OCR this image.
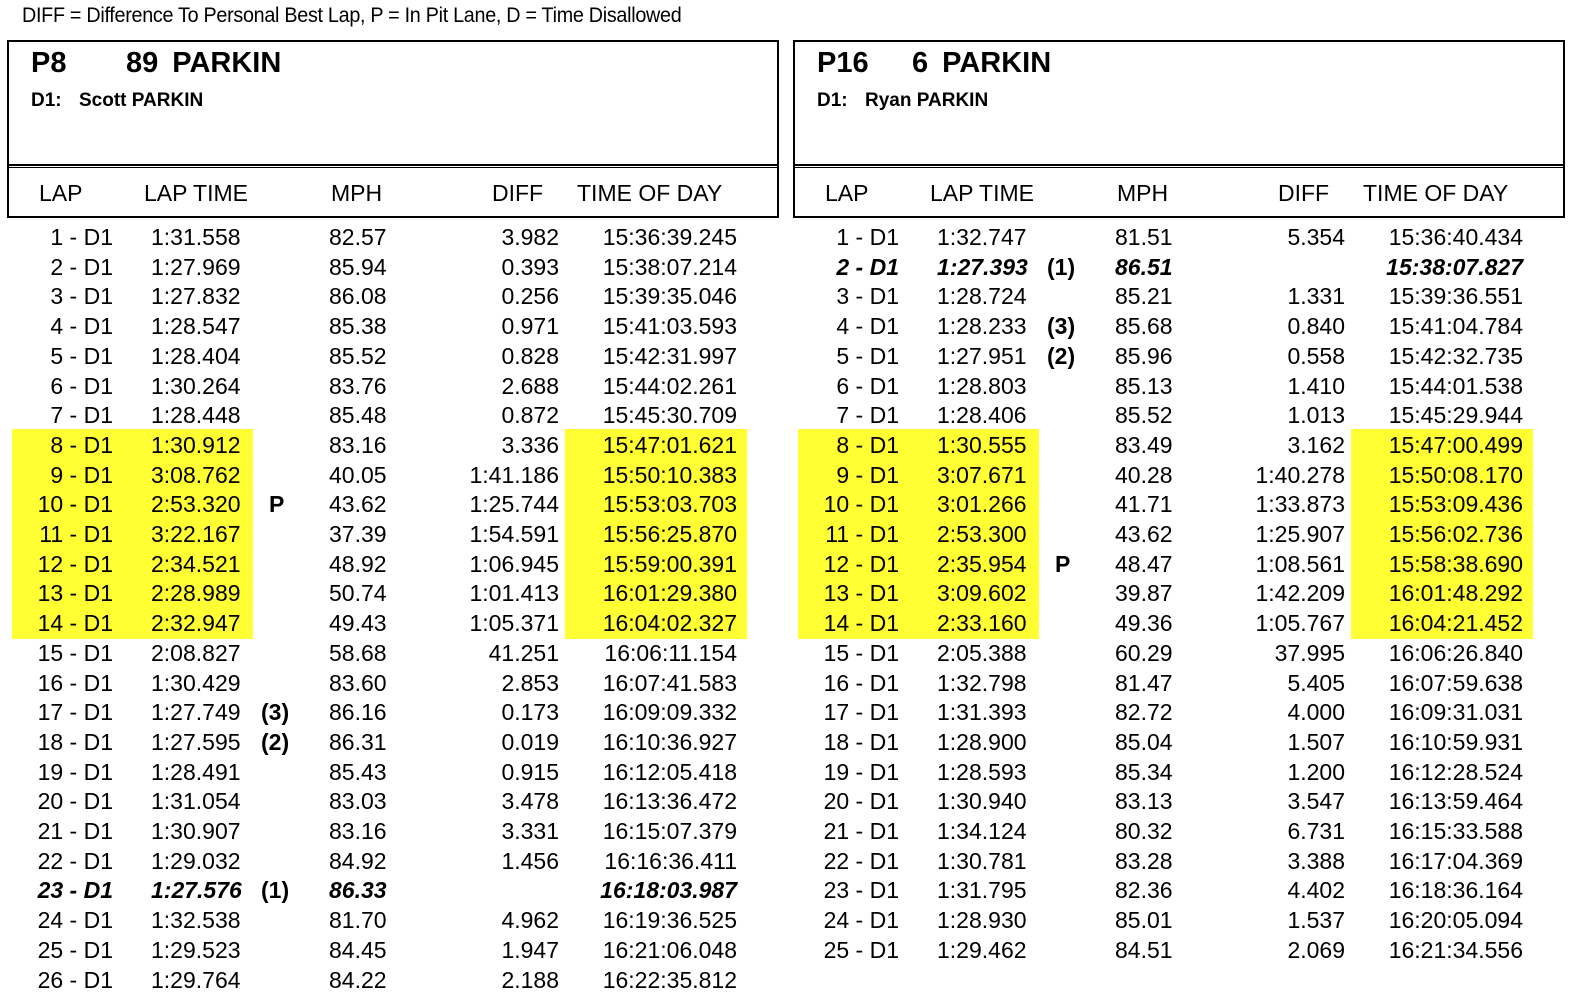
DIFF = Difference To Personal Best Lap, P = In Pit Lane, D = Time Disallowed
P8 89 PARKIN
D1: Scott PARKIN
LAP	LAP TIME	MPH	DIFF TIME OF DAY
1 - D1 1:31.558	82.57	3.982 15:36:39.245
2 - D1 1:27.969	85.94	0.393 15:38:07.214
3 - D1 1:27.832	86.08	0.256 15:39:35.046
4 - D1 1:28.547	85.38	0.971 15:41:03.593
5 - D1 1:28.404	85.52	0.828 15:42:31.997
6 - D1 1:30.264	83.76	2.688 15:44:02.261
7 - D1 1:28.448	85.48	0.872 15:45:30.709
8 - D1 1:30.912	83.16	3.336 15:47:01.621
9 - D1 3:08.762	40.05	1:41.186 15:50:10.383
10 - D1 2:53.320 P 43.62	1:25.744 15:53:03.703
11 - D1 3:22.167	37.39	1:54.591 15:56:25.870
12 - D1 2:34.521	48.92	1:06.945 15:59:00.391
13 - D1 2:28.989	50.74	1:01.413 16:01:29.380
14 - D1 2:32.947	49.43	1:05.371 16:04:02.327
15 - D1 2:08.827	58.68	41.251 16:06:11.154
16 - D1 1:30.429	83.60	2.853 16:07:41.583
17 - D1 1:27.749 (3) 86.16	0.173 16:09:09.332
18 - D1 1:27.595 (2) 86.31	0.019 16:10:36.927
19 - D1 1:28.491	85.43	0.915 16:12:05.418
20 - D1 1:31.054	83.03	3.478 16:13:36.472
21 - D1 1:30.907	83.16	3.331 16:15:07.379
22 - D1 1:29.032	84.92	1.456 16:16:36.411
23 - D1 1:27.576 (1) 86.33	16:18:03.987
24 - D1 1:32.538	81.70	4.962 16:19:36.525
25 - D1 1:29.523	84.45	1.947 16:21:06.048
26 - D1 1:29.764	84.22	2.188 16:22:35.812
P16 6 PARKIN
D1: Ryan PARKIN
LAP	LAP TIME	MPH	DIFF TIME OF DAY
1 - D1 1:32.747	81.51	5.354 15:36:40.434
2 - D1 1:27.393 (1) 86.51	15:38:07.827
3 - D1 1:28.724	85.21	1.331 15:39:36.551
4 - D1 1:28.233 (3) 85.68	0.840 15:41:04.784
5 - D1 1:27.951 (2) 85.96	0.558 15:42:32.735
6 - D1 1:28.803	85.13	1.410 15:44:01.538
7 - D1 1:28.406	85.52	1.013 15:45:29.944
8 - D1 1:30.555	83.49	3.162 15:47:00.499
9 - D1 3:07.671	40.28	1:40.278 15:50:08.170
10 - D1 3:01.266	41.71	1:33.873 15:53:09.436
11 - D1 2:53.300	43.62	1:25.907 15:56:02.736
12 - D1 2:35.954 P 48.47	1:08.561 15:58:38.690
13 - D1 3:09.602	39.87	1:42.209 16:01:48.292
14 - D1 2:33.160	49.36	1:05.767 16:04:21.452
15 - D1 2:05.388	60.29	37.995 16:06:26.840
16 - D1 1:32.798	81.47	5.405 16:07:59.638
17 - D1 1:31.393	82.72	4.000 16:09:31.031
18 - D1 1:28.900	85.04	1.507 16:10:59.931
19 - D1 1:28.593	85.34	1.200 16:12:28.524
20 - D1 1:30.940	83.13	3.547 16:13:59.464
21 - D1 1:34.124	80.32	6.731 16:15:33.588
22 - D1 1:30.781	83.28	3.388 16:17:04.369
23 - D1 1:31.795	82.36	4.402 16:18:36.164
24 - D1 1:28.930	85.01	1.537 16:20:05.094
25 - D1 1:29.462	84.51	2.069 16:21:34.556
